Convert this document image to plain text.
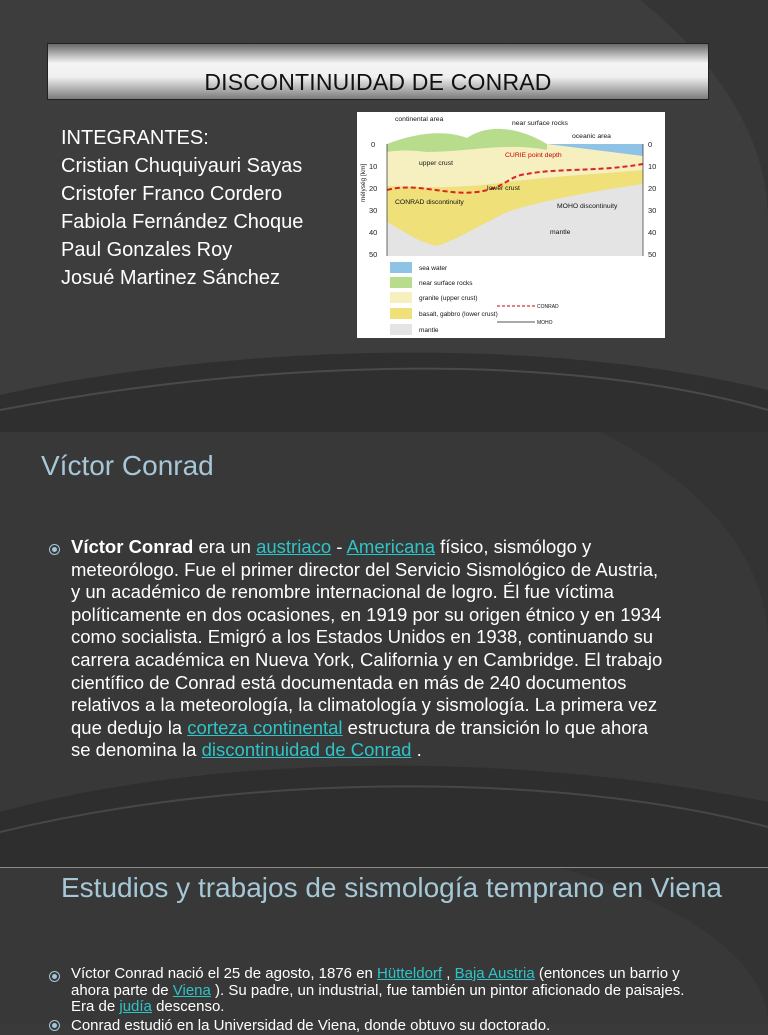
DISCONTINUIDAD DE CONRAD
INTEGRANTES:
Cristian Chuquiyauri Sayas
Cristofer Franco Cordero
Fabiola Fernández Choque
Paul Gonzales Roy
Josué Martinez Sánchez
0
10
20
30
40
50
0
10
20
30
40
50
mélység [km]
continental area
near surface rocks
oceanic area
CURIE point depth
upper crust
lower crust
CONRAD discontinuity
MOHO discontinuity
mantle
sea water
near surface rocks
granite (upper crust)
CONRAD
basalt, gabbro (lower crust)
MOHO
mantle
Víctor Conrad
Víctor Conrad era un austriaco - Americana físico, sismólogo y meteorólogo. Fue el primer director del Servicio Sismológico de Austria, y un académico de renombre internacional de logro. Él fue víctima políticamente en dos ocasiones, en 1919 por su origen étnico y en 1934 como socialista. Emigró a los Estados Unidos en 1938, continuando su carrera académica en Nueva York, California y en Cambridge. El trabajo científico de Conrad está documentada en más de 240 documentos relativos a la meteorología, la climatología y sismología. La primera vez que dedujo la corteza continental estructura de transición lo que ahora se denomina la discontinuidad de Conrad .
Estudios y trabajos de sismología temprano en Viena
Víctor Conrad nació el 25 de agosto, 1876 en Hütteldorf , Baja Austria (entonces un barrio y ahora parte de Viena ). Su padre, un industrial, fue también un pintor aficionado de paisajes. Era de judía descenso.
Conrad estudió en la Universidad de Viena, donde obtuvo su doctorado.
